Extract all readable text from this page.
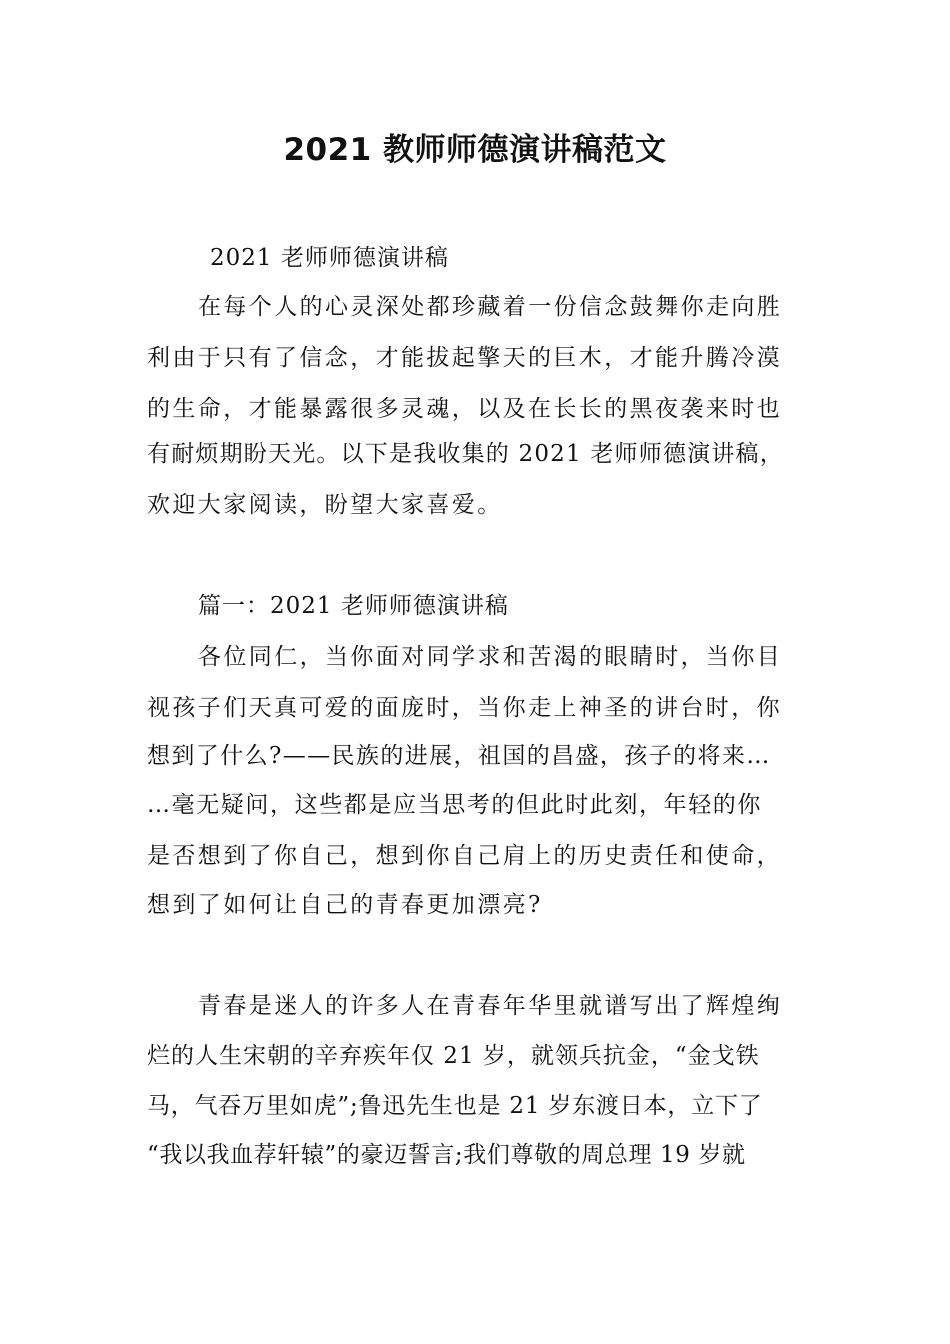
2021 教师师德演讲稿范文
2021 老师师德演讲稿
在每个人的心灵深处都珍藏着一份信念鼓舞你走向胜
利由于只有了信念，才能拔起擎天的巨木，才能升腾冷漠
的生命，才能暴露很多灵魂，以及在长长的黑夜袭来时也
有耐烦期盼天光。以下是我收集的 2021 老师师德演讲稿，
欢迎大家阅读，盼望大家喜爱。
篇一：2021 老师师德演讲稿
各位同仁，当你面对同学求和苦渴的眼睛时，当你目
视孩子们天真可爱的面庞时，当你走上神圣的讲台时，你
想到了什么?——民族的进展，祖国的昌盛，孩子的将来…
…毫无疑问，这些都是应当思考的但此时此刻，年轻的你
是否想到了你自己，想到你自己肩上的历史责任和使命，
想到了如何让自己的青春更加漂亮?
青春是迷人的许多人在青春年华里就谱写出了辉煌绚
烂的人生宋朝的辛弃疾年仅 21 岁，就领兵抗金，“金戈铁
马，气吞万里如虎”;鲁迅先生也是 21 岁东渡日本，立下了
“我以我血荐轩辕”的豪迈誓言;我们尊敬的周总理 19 岁就
